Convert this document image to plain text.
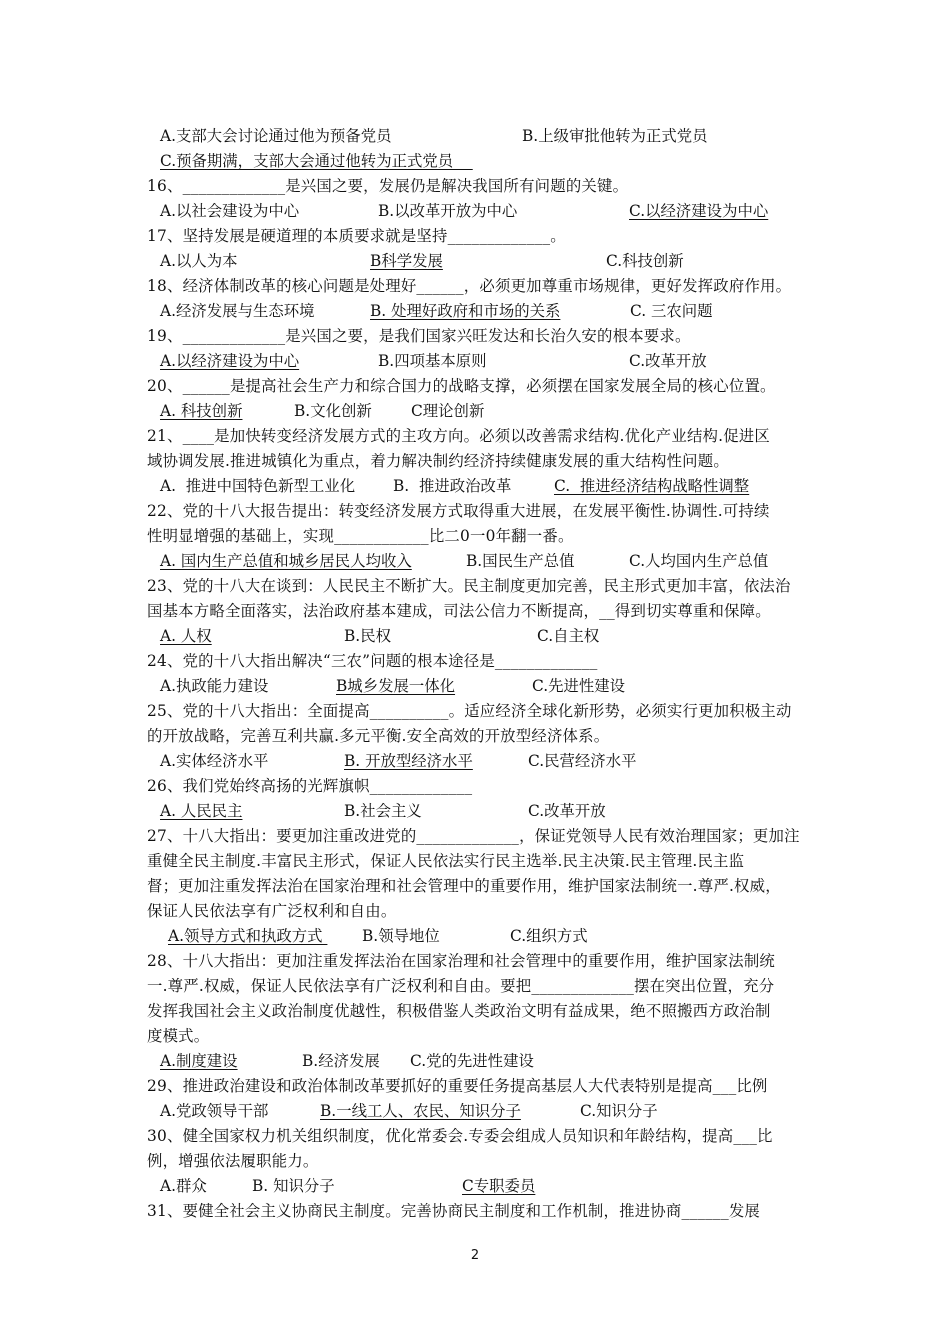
A.支部大会讨论通过他为预备党员

	B.上级审批他转为正式党员

C.预备期满，支部大会通过他转为正式党员

16、_____________是兴国之要，发展仍是解决我国所有问题的关键。

A.以社会建设为中心

	B.以改革开放为中心

	C.以经济建设为中心

17、坚持发展是硬道理的本质要求就是坚持_____________。

A.以人为本

	B科学发展

	C.科技创新

18、经济体制改革的核心问题是处理好______，必须更加尊重市场规律，更好发挥政府作用。

A.经济发展与生态环境

	B. 处理好政府和市场的关系

	C. 三农问题

19、_____________是兴国之要，是我们国家兴旺发达和长治久安的根本要求。

A.以经济建设为中心

	B.四项基本原则

	C.改革开放

20、______是提高社会生产力和综合国力的战略支撑，必须摆在国家发展全局的核心位置。

A. 科技创新

	B.文化创新

	C理论创新

21、____是加快转变经济发展方式的主攻方向。必须以改善需求结构.优化产业结构.促进区
域协调发展.推进城镇化为重点，着力解决制约经济持续健康发展的重大结构性问题。

A.  推进中国特色新型工业化

B.  推进政治改革

	C.  推进经济结构战略性调整

22、党的十八大报告提出：转变经济发展方式取得重大进展，在发展平衡性.协调性.可持续
性明显增强的基础上，实现____________比二0一0年翻一番。

A. 国内生产总值和城乡居民人均收入

	B.国民生产总值

	C.人均国内生产总值

23、党的十八大在谈到：人民民主不断扩大。民主制度更加完善，民主形式更加丰富，依法治
国基本方略全面落实，法治政府基本建成，司法公信力不断提高，__得到切实尊重和保障。

A. 人权

	B.民权

	C.自主权

24、党的十八大指出解决“三农”问题的根本途径是_____________

A.执政能力建设

	B城乡发展一体化

	C.先进性建设

25、党的十八大指出：全面提高__________。适应经济全球化新形势，必须实行更加积极主动
的开放战略，完善互利共赢.多元平衡.安全高效的开放型经济体系。

A.实体经济水平

	B. 开放型经济水平

	C.民营经济水平

26、我们党始终高扬的光辉旗帜_____________

A. 人民民主

	B.社会主义

	C.改革开放

27、十八大指出：要更加注重改进党的_____________，保证党领导人民有效治理国家；更加注
重健全民主制度.丰富民主形式，保证人民依法实行民主选举.民主决策.民主管理.民主监
督；更加注重发挥法治在国家治理和社会管理中的重要作用，维护国家法制统一.尊严.权威，
保证人民依法享有广泛权利和自由。

A.领导方式和执政方式

B.领导地位

	C.组织方式

28、十八大指出：更加注重发挥法治在国家治理和社会管理中的重要作用，维护国家法制统
一.尊严.权威，保证人民依法享有广泛权利和自由。要把_____________摆在突出位置，充分
发挥我国社会主义政治制度优越性，积极借鉴人类政治文明有益成果，绝不照搬西方政治制
度模式。

A.制度建设

	B.经济发展

C.党的先进性建设

29、推进政治建设和政治体制改革要抓好的重要任务提高基层人大代表特别是提高___比例

A.党政领导干部

	B.一线工人、农民、知识分子

	C.知识分子

30、健全国家权力机关组织制度，优化常委会.专委会组成人员知识和年龄结构，提高___比
例，增强依法履职能力。

A.群众

	B. 知识分子

	C专职委员

31、要健全社会主义协商民主制度。完善协商民主制度和工作机制，推进协商______发展
2
